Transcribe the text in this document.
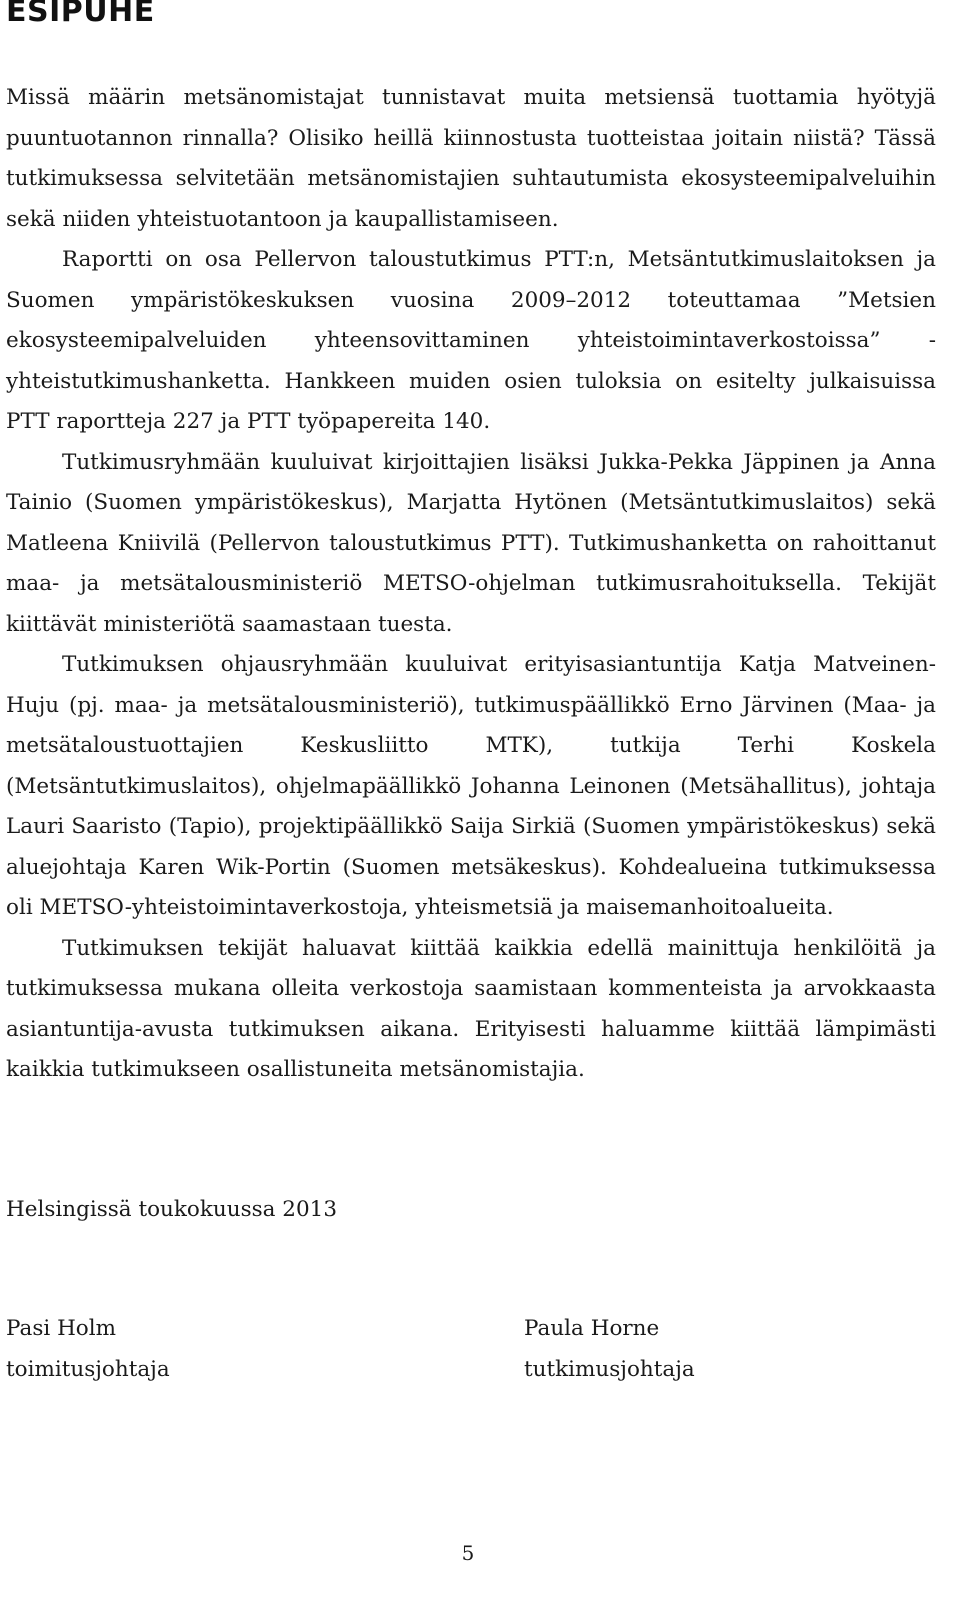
ESIPUHE

Missä määrin metsänomistajat tunnistavat muita metsiensä tuottamia hyötyjä puuntuotannon rinnalla? Olisiko heillä kiinnostusta tuotteistaa joitain niistä? Tässä tutkimuksessa selvitetään metsänomistajien suhtautumista ekosysteemipalveluihin sekä niiden yhteistuotantoon ja kaupallistamiseen.

Raportti on osa Pellervon taloustutkimus PTT:n, Metsäntutkimuslaitoksen ja Suomen ympäristökeskuksen vuosina 2009–2012 toteuttamaa ”Metsien ekosysteemipalveluiden yhteensovittaminen yhteistoimintaverkostoissa” -yhteistutkimushanketta. Hankkeen muiden osien tuloksia on esitelty julkaisuissa PTT raportteja 227 ja PTT työpapereita 140.

Tutkimusryhmään kuuluivat kirjoittajien lisäksi Jukka-Pekka Jäppinen ja Anna Tainio (Suomen ympäristökeskus), Marjatta Hytönen (Metsäntutkimuslaitos) sekä Matleena Kniivilä (Pellervon taloustutkimus PTT). Tutkimushanketta on rahoittanut maa- ja metsätalousministeriö METSO-ohjelman tutkimusrahoituksella. Tekijät kiittävät ministeriötä saamastaan tuesta.

Tutkimuksen ohjausryhmään kuuluivat erityisasiantuntija Katja Matveinen-Huju (pj. maa- ja metsätalousministeriö), tutkimuspäällikkö Erno Järvinen (Maa- ja metsätaloustuottajien Keskusliitto MTK), tutkija Terhi Koskela (Metsäntutkimuslaitos), ohjelmapäällikkö Johanna Leinonen (Metsähallitus), johtaja Lauri Saaristo (Tapio), projektipäällikkö Saija Sirkiä (Suomen ympäristökeskus) sekä aluejohtaja Karen Wik-Portin (Suomen metsäkeskus). Kohdealueina tutkimuksessa oli METSO-yhteistoimintaverkostoja, yhteismetsiä ja maisemanhoitoalueita.

Tutkimuksen tekijät haluavat kiittää kaikkia edellä mainittuja henkilöitä ja tutkimuksessa mukana olleita verkostoja saamistaan kommenteista ja arvokkaasta asiantuntija-avusta tutkimuksen aikana. Erityisesti haluamme kiittää lämpimästi kaikkia tutkimukseen osallistuneita metsänomistajia.

Helsingissä toukokuussa 2013

Pasi Holm
toimitusjohtaja
Paula Horne
tutkimusjohtaja
5
